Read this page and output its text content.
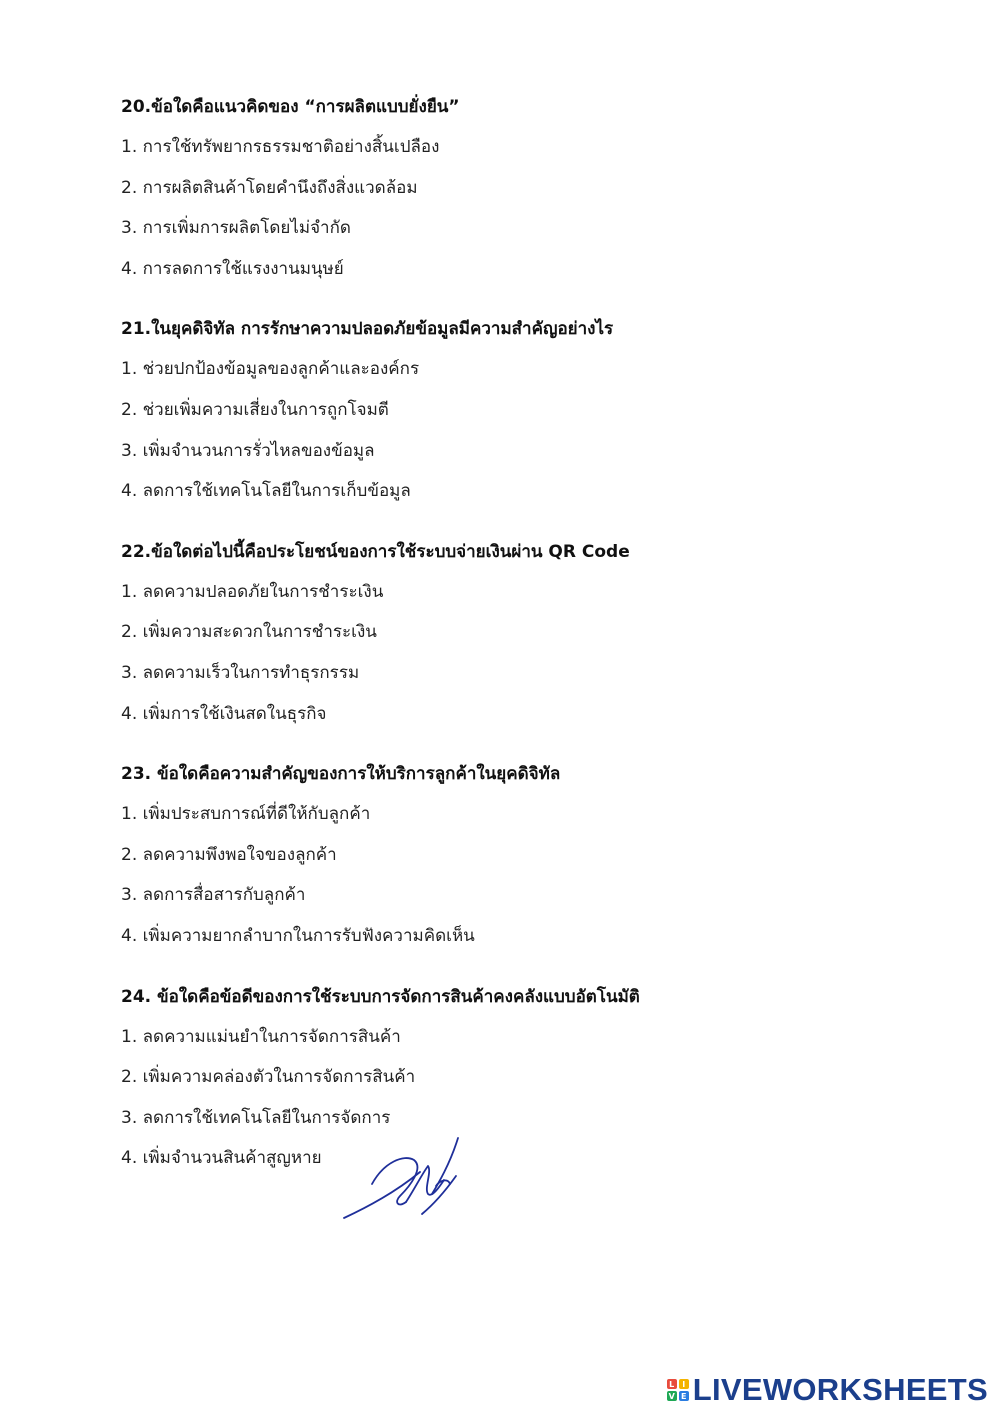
20.ข้อใดคือแนวคิดของ “การผลิตแบบยั่งยืน”
1. การใช้ทรัพยากรธรรมชาติอย่างสิ้นเปลือง
2. การผลิตสินค้าโดยคำนึงถึงสิ่งแวดล้อม
3. การเพิ่มการผลิตโดยไม่จำกัด
4. การลดการใช้แรงงานมนุษย์
21.ในยุคดิจิทัล การรักษาความปลอดภัยข้อมูลมีความสำคัญอย่างไร
1. ช่วยปกป้องข้อมูลของลูกค้าและองค์กร
2. ช่วยเพิ่มความเสี่ยงในการถูกโจมตี
3. เพิ่มจำนวนการรั่วไหลของข้อมูล
4. ลดการใช้เทคโนโลยีในการเก็บข้อมูล
22.ข้อใดต่อไปนี้คือประโยชน์ของการใช้ระบบจ่ายเงินผ่าน QR Code
1. ลดความปลอดภัยในการชำระเงิน
2. เพิ่มความสะดวกในการชำระเงิน
3. ลดความเร็วในการทำธุรกรรม
4. เพิ่มการใช้เงินสดในธุรกิจ
23. ข้อใดคือความสำคัญของการให้บริการลูกค้าในยุคดิจิทัล
1. เพิ่มประสบการณ์ที่ดีให้กับลูกค้า
2. ลดความพึงพอใจของลูกค้า
3. ลดการสื่อสารกับลูกค้า
4. เพิ่มความยากลำบากในการรับฟังความคิดเห็น
24. ข้อใดคือข้อดีของการใช้ระบบการจัดการสินค้าคงคลังแบบอัตโนมัติ
1. ลดความแม่นยำในการจัดการสินค้า
2. เพิ่มความคล่องตัวในการจัดการสินค้า
3. ลดการใช้เทคโนโลยีในการจัดการ
4. เพิ่มจำนวนสินค้าสูญหาย
L I
V E LIVEWORKSHEETS
